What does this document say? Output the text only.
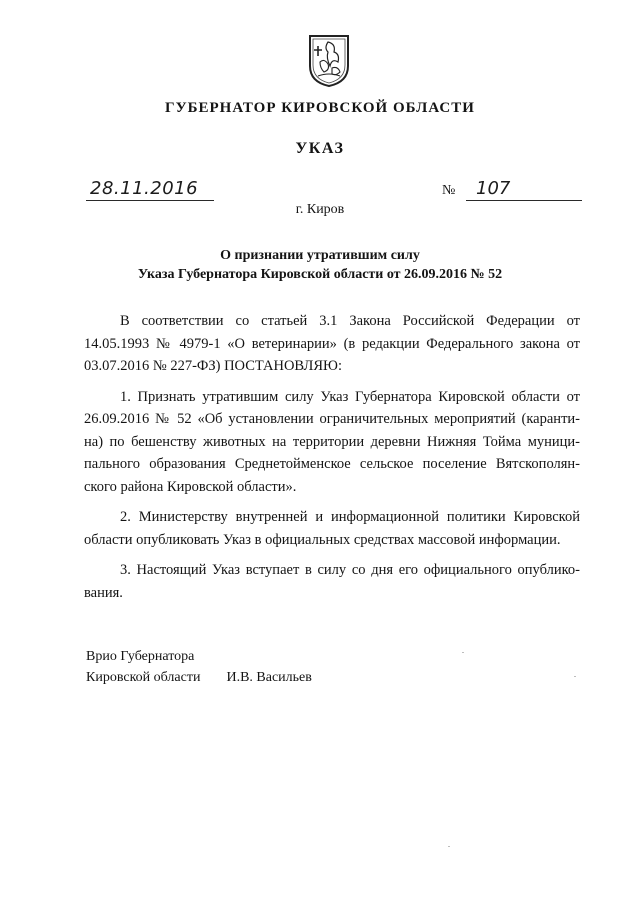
ГУБЕРНАТОР КИРОВСКОЙ ОБЛАСТИ
УКАЗ
28.11.2016	№ 107
г. Киров
О признании утратившим силу
Указа Губернатора Кировской области от 26.09.2016 № 52
В соответствии со статьей 3.1 Закона Российской Федерации от
14.05.1993 № 4979-1 «О ветеринарии» (в редакции Федерального закона от
03.07.2016 № 227-ФЗ) ПОСТАНОВЛЯЮ:
1. Признать утратившим силу Указ Губернатора Кировской области от
26.09.2016 № 52 «Об установлении ограничительных мероприятий (каранти-
на) по бешенству животных на территории деревни Нижняя Тойма муници-
пального образования Среднетойменское сельское поселение Вятскополян-
ского района Кировской области».
2. Министерству внутренней и информационной политики Кировской
области опубликовать Указ в официальных средствах массовой информации.
3. Настоящий Указ вступает в силу со дня его официального опублико-
вания.
Врио Губернатора
Кировской области И.В. Васильев
